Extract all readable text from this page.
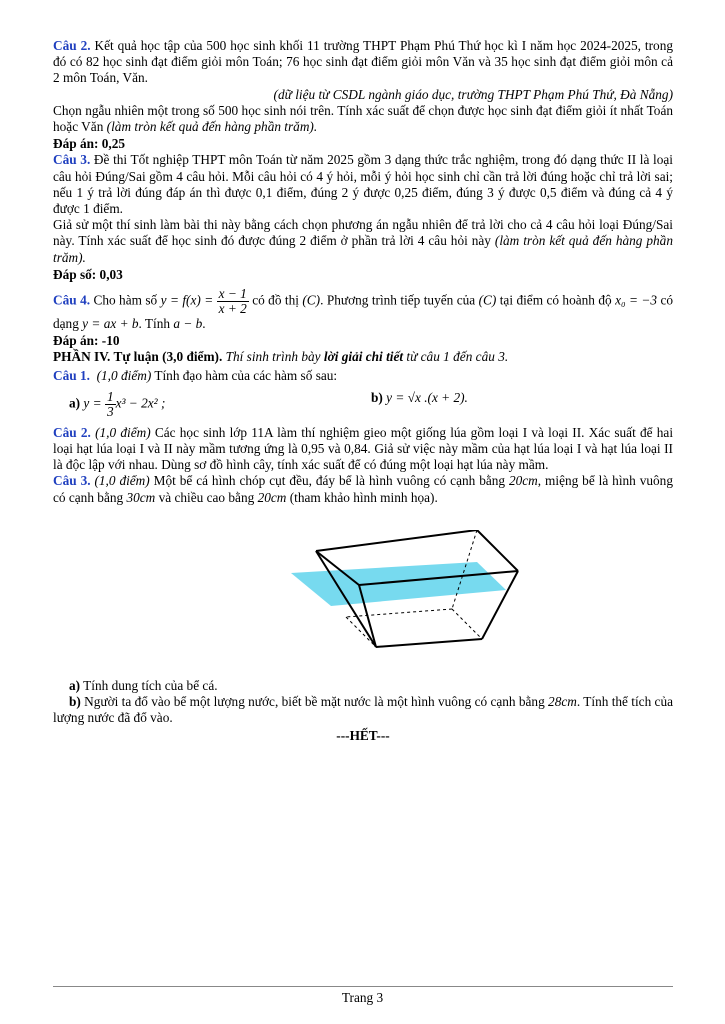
Câu 2. Kết quả học tập của 500 học sinh khối 11 trường THPT Phạm Phú Thứ học kì I năm học 2024-2025, trong đó có 82 học sinh đạt điểm giỏi môn Toán; 76 học sinh đạt điểm giỏi môn Văn và 35 học sinh đạt điểm giỏi môn cả 2 môn Toán, Văn.

(dữ liệu từ CSDL ngành giáo dục, trường THPT Phạm Phú Thứ, Đà Nẵng)

Chọn ngẫu nhiên một trong số 500 học sinh nói trên. Tính xác suất để chọn được học sinh đạt điểm giỏi ít nhất Toán hoặc Văn (làm tròn kết quả đến hàng phần trăm).

Đáp án: 0,25

Câu 3. Đề thi Tốt nghiệp THPT môn Toán từ năm 2025 gồm 3 dạng thức trắc nghiệm, trong đó dạng thức II là loại câu hỏi Đúng/Sai gồm 4 câu hỏi. Mỗi câu hỏi có 4 ý hỏi, mỗi ý hỏi học sinh chỉ cần trả lời đúng hoặc chỉ trả lời sai; nếu 1 ý trả lời đúng đáp án thì được 0,1 điểm, đúng 2 ý được 0,25 điểm, đúng 3 ý được 0,5 điểm và đúng cả 4 ý được 1 điểm.

Giả sử một thí sinh làm bài thi này bằng cách chọn phương án ngẫu nhiên để trả lời cho cả 4 câu hỏi loại Đúng/Sai này. Tính xác suất để học sinh đó được đúng 2 điểm ở phần trả lời 4 câu hỏi này (làm tròn kết quả đến hàng phần trăm).

Đáp số: 0,03

Câu 4. Cho hàm số $y = f(x) = \frac{x - 1}{x + 2}$ có đồ thị (C). Phương trình tiếp tuyến của (C) tại điểm có hoành độ x₀ = −3 có dạng y = ax + b. Tính a − b.

Đáp án: -10

PHẦN IV. Tự luận (3,0 điểm). Thí sinh trình bày lời giải chi tiết từ câu 1 đến câu 3.

Câu 1. (1,0 điểm) Tính đạo hàm của các hàm số sau:

a) $y = \frac{1}{3} x^3 - 2x^2$ ;	b) y = √x .(x + 2).

Câu 2. (1,0 điểm) Các học sinh lớp 11A làm thí nghiệm gieo một giống lúa gồm loại I và loại II. Xác suất để hai loại hạt lúa loại I và II này mầm tương ứng là 0,95 và 0,84. Giả sử việc này mầm của hạt lúa loại I và hạt lúa loại II là độc lập với nhau. Dùng sơ đồ hình cây, tính xác suất để có đúng một loại hạt lúa này mầm.

Câu 3. (1,0 điểm) Một bể cá hình chóp cụt đều, đáy bể là hình vuông có cạnh bằng 20cm, miệng bể là hình vuông có cạnh bằng 30cm và chiều cao bằng 20cm (tham khảo hình minh họa).

a) Tính dung tích của bể cá.

b) Người ta đổ vào bể một lượng nước, biết bề mặt nước là một hình vuông có cạnh bằng 28cm. Tính thể tích của lượng nước đã đổ vào.

---HẾT---

Trang 3
